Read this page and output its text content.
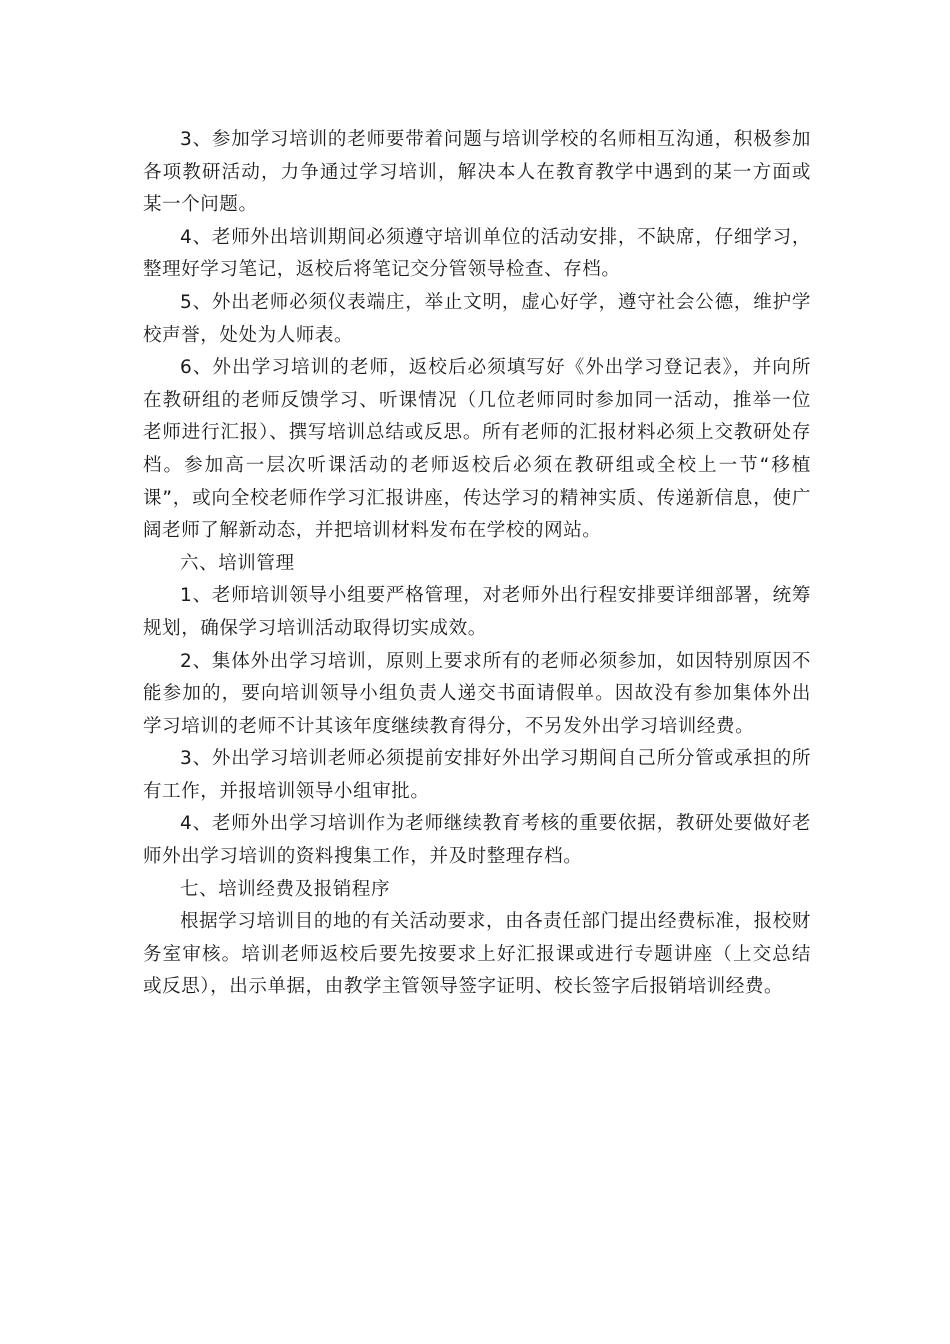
3、参加学习培训的老师要带着问题与培训学校的名师相互沟通，积极参加各项教研活动，力争通过学习培训，解决本人在教育教学中遇到的某一方面或某一个问题。

4、老师外出培训期间必须遵守培训单位的活动安排，不缺席，仔细学习，整理好学习笔记，返校后将笔记交分管领导检查、存档。

5、外出老师必须仪表端庄，举止文明，虚心好学，遵守社会公德，维护学校声誉，处处为人师表。

6、外出学习培训的老师，返校后必须填写好《外出学习登记表》，并向所在教研组的老师反馈学习、听课情况（几位老师同时参加同一活动，推举一位老师进行汇报）、撰写培训总结或反思。所有老师的汇报材料必须上交教研处存档。参加高一层次听课活动的老师返校后必须在教研组或全校上一节“移植课”，或向全校老师作学习汇报讲座，传达学习的精神实质、传递新信息，使广阔老师了解新动态，并把培训材料发布在学校的网站。

六、培训管理

1、老师培训领导小组要严格管理，对老师外出行程安排要详细部署，统筹规划，确保学习培训活动取得切实成效。

2、集体外出学习培训，原则上要求所有的老师必须参加，如因特别原因不能参加的，要向培训领导小组负责人递交书面请假单。因故没有参加集体外出学习培训的老师不计其该年度继续教育得分，不另发外出学习培训经费。

3、外出学习培训老师必须提前安排好外出学习期间自己所分管或承担的所有工作，并报培训领导小组审批。

4、老师外出学习培训作为老师继续教育考核的重要依据，教研处要做好老师外出学习培训的资料搜集工作，并及时整理存档。

七、培训经费及报销程序

根据学习培训目的地的有关活动要求，由各责任部门提出经费标准，报校财务室审核。培训老师返校后要先按要求上好汇报课或进行专题讲座（上交总结或反思），出示单据，由教学主管领导签字证明、校长签字后报销培训经费。
